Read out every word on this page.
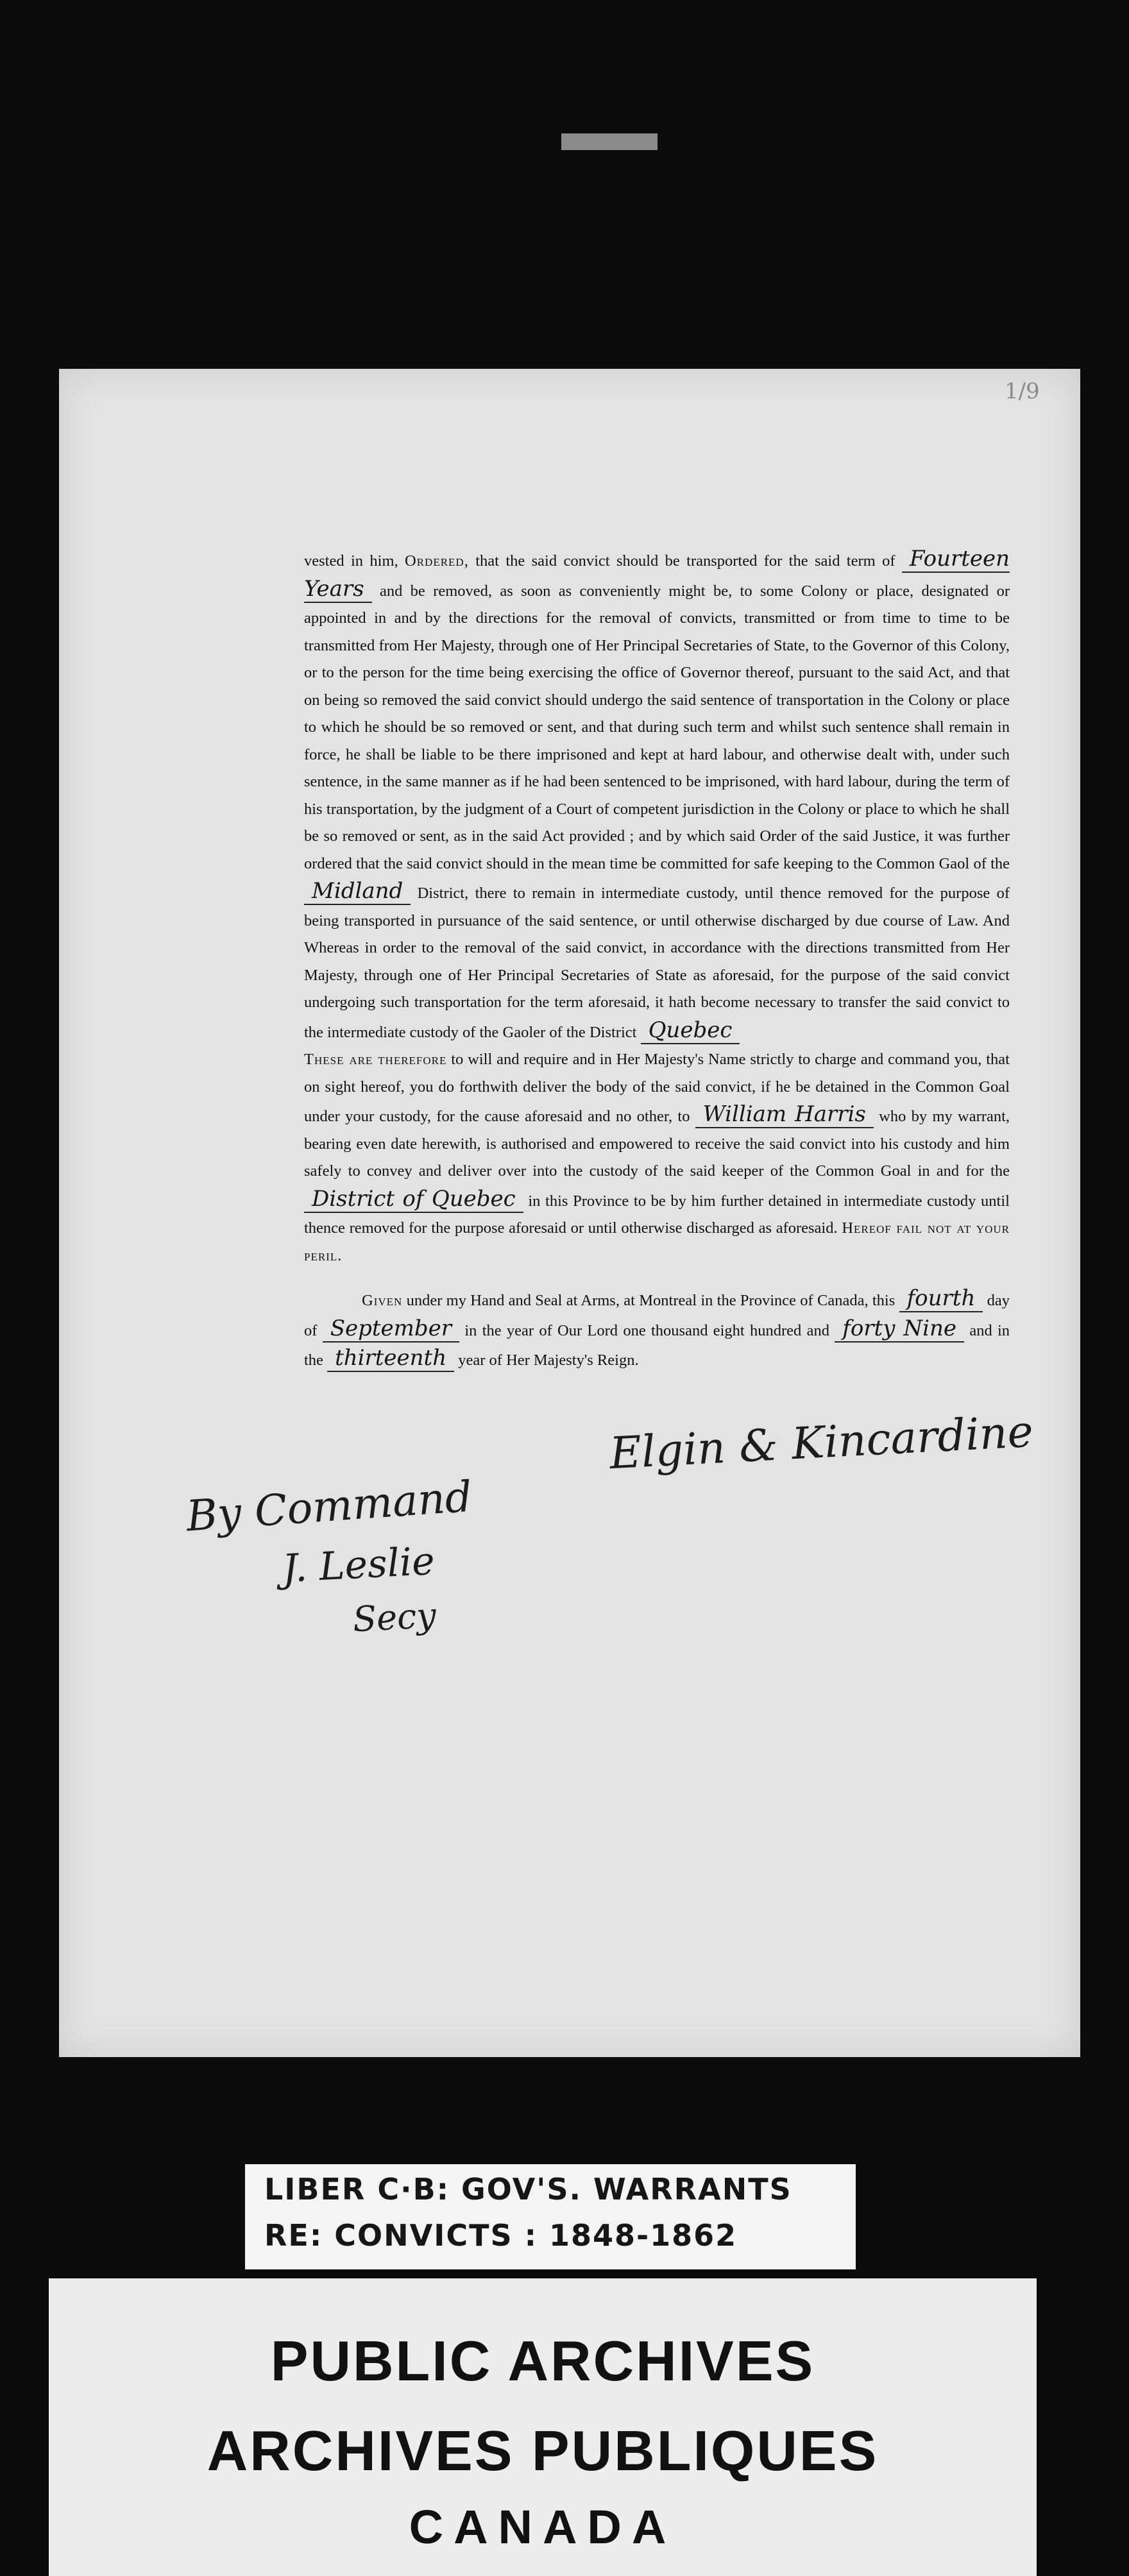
1/9

vested in him, Ordered, that the said convict should be transported for the said term of Fourteen Years and be removed, as soon as conveniently might be, to some Colony or place, designated or appointed in and by the directions for the removal of convicts, transmitted or from time to time to be transmitted from Her Majesty, through one of Her Principal Secretaries of State, to the Governor of this Colony, or to the person for the time being exercising the office of Governor thereof, pursuant to the said Act, and that on being so removed the said convict should undergo the said sentence of transportation in the Colony or place to which he should be so removed or sent, and that during such term and whilst such sentence shall remain in force, he shall be liable to be there imprisoned and kept at hard labour, and otherwise dealt with, under such sentence, in the same manner as if he had been sentenced to be imprisoned, with hard labour, during the term of his transportation, by the judgment of a Court of competent jurisdiction in the Colony or place to which he shall be so removed or sent, as in the said Act provided ; and by which said Order of the said Justice, it was further ordered that the said convict should in the mean time be committed for safe keeping to the Common Gaol of the Midland District, there to remain in intermediate custody, until thence removed for the purpose of being transported in pursuance of the said sentence, or until otherwise discharged by due course of Law. And Whereas in order to the removal of the said convict, in accordance with the directions transmitted from Her Majesty, through one of Her Principal Secretaries of State as aforesaid, for the purpose of the said convict undergoing such transportation for the term aforesaid, it hath become necessary to transfer the said convict to the intermediate custody of the Gaoler of the District Quebec

These are therefore to will and require and in Her Majesty's Name strictly to charge and command you, that on sight hereof, you do forthwith deliver the body of the said convict, if he be detained in the Common Goal under your custody, for the cause aforesaid and no other, to William Harris who by my warrant, bearing even date herewith, is authorised and empowered to receive the said convict into his custody and him safely to convey and deliver over into the custody of the said keeper of the Common Goal in and for the District of Quebec in this Province to be by him further detained in intermediate custody until thence removed for the purpose aforesaid or until otherwise discharged as aforesaid. Hereof fail not at your peril.

Given under my Hand and Seal at Arms, at Montreal in the Province of Canada, this fourth day of September in the year of Our Lord one thousand eight hundred and forty Nine and in the thirteenth year of Her Majesty's Reign.

Elgin & Kincardine
By Command
J. Leslie
Secy
LIBER C·B: GOV'S. WARRANTS
RE: CONVICTS : 1848-1862
PUBLIC ARCHIVES
ARCHIVES PUBLIQUES
CANADA
